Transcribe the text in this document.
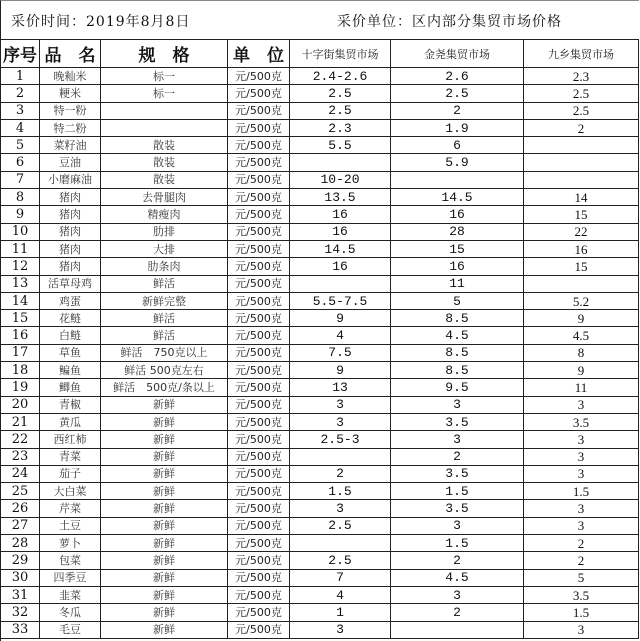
采价时间：2019年8月8日	采价单位：区内部分集贸市场价格
序号	品　名	规　格	单　位	十字街集贸市场	金尧集贸市场	九乡集贸市场
1	晚籼米	标一	元/500克	2.4-2.6	2.6	2.3
2	粳米	标一	元/500克	2.5	2.5	2.5
3	特一粉		元/500克	2.5	2	2.5
4	特二粉		元/500克	2.3	1.9	2
5	菜籽油	散装	元/500克	5.5	6	
6	豆油	散装	元/500克		5.9	
7	小磨麻油	散装	元/500克	10-20		
8	猪肉	去骨腿肉	元/500克	13.5	14.5	14
9	猪肉	精瘦肉	元/500克	16	16	15
10	猪肉	肋排	元/500克	16	28	22
11	猪肉	大排	元/500克	14.5	15	16
12	猪肉	肋条肉	元/500克	16	16	15
13	活草母鸡	鲜活	元/500克		11	
14	鸡蛋	新鲜完整	元/500克	5.5-7.5	5	5.2
15	花鲢	鲜活	元/500克	9	8.5	9
16	白鲢	鲜活	元/500克	4	4.5	4.5
17	草鱼	鲜活　750克以上	元/500克	7.5	8.5	8
18	鳊鱼	鲜活 500克左右	元/500克	9	8.5	9
19	鲫鱼	鲜活　500克/条以上	元/500克	13	9.5	11
20	青椒	新鲜	元/500克	3	3	3
21	黄瓜	新鲜	元/500克	3	3.5	3.5
22	西红柿	新鲜	元/500克	2.5-3	3	3
23	青菜	新鲜	元/500克		2	3
24	茄子	新鲜	元/500克	2	3.5	3
25	大白菜	新鲜	元/500克	1.5	1.5	1.5
26	芹菜	新鲜	元/500克	3	3.5	3
27	土豆	新鲜	元/500克	2.5	3	3
28	萝卜	新鲜	元/500克		1.5	2
29	包菜	新鲜	元/500克	2.5	2	2
30	四季豆	新鲜	元/500克	7	4.5	5
31	韭菜	新鲜	元/500克	4	3	3.5
32	冬瓜	新鲜	元/500克	1	2	1.5
33	毛豆	新鲜	元/500克	3		3
